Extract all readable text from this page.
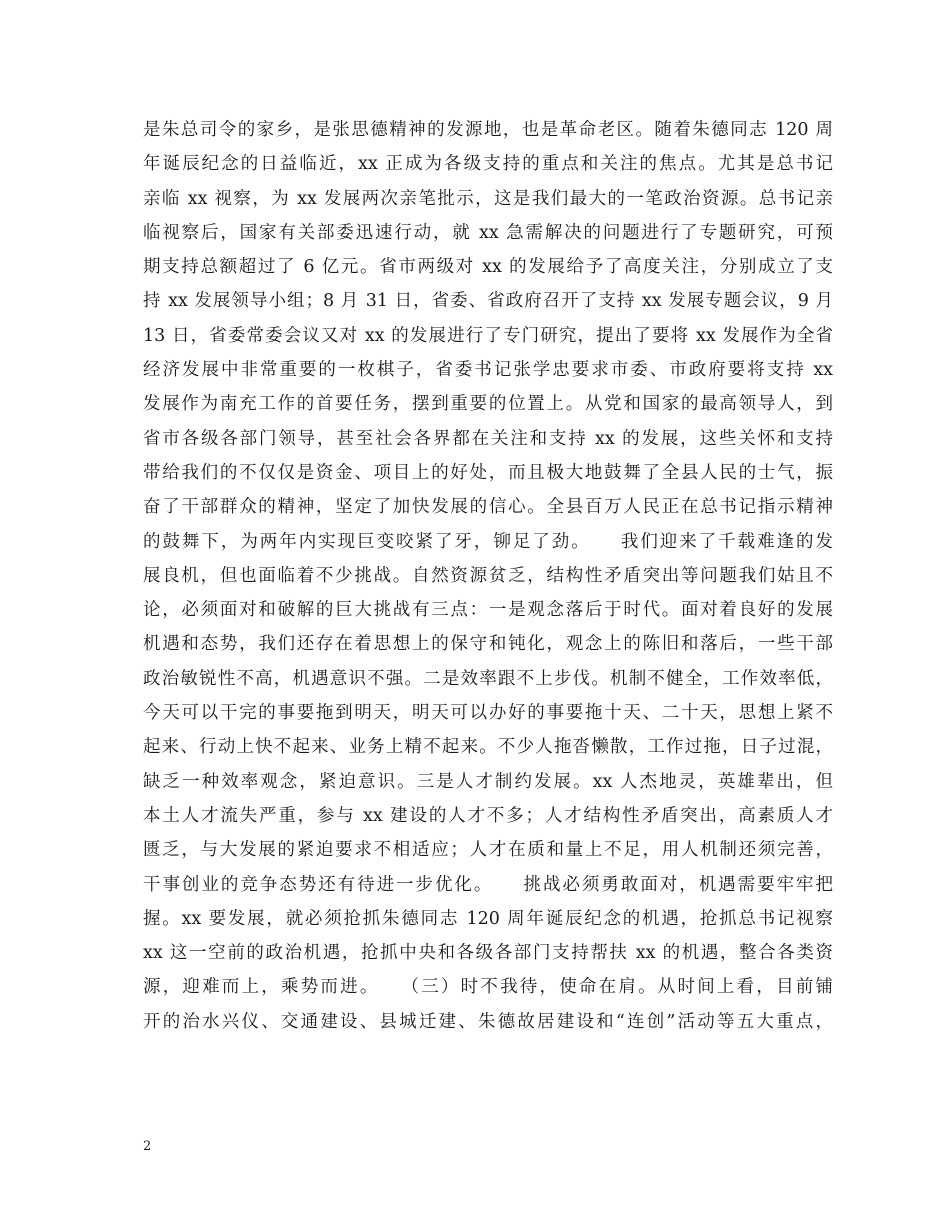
是朱总司令的家乡，是张思德精神的发源地，也是革命老区。随着朱德同志 120 周
年诞辰纪念的日益临近，xx 正成为各级支持的重点和关注的焦点。尤其是总书记
亲临 xx 视察，为 xx 发展两次亲笔批示，这是我们最大的一笔政治资源。总书记亲
临视察后，国家有关部委迅速行动，就 xx 急需解决的问题进行了专题研究，可预
期支持总额超过了 6 亿元。省市两级对 xx 的发展给予了高度关注，分别成立了支
持 xx 发展领导小组；8 月 31 日，省委、省政府召开了支持 xx 发展专题会议，9 月
13 日，省委常委会议又对 xx 的发展进行了专门研究，提出了要将 xx 发展作为全省
经济发展中非常重要的一枚棋子，省委书记张学忠要求市委、市政府要将支持 xx
发展作为南充工作的首要任务，摆到重要的位置上。从党和国家的最高领导人，到
省市各级各部门领导，甚至社会各界都在关注和支持 xx 的发展，这些关怀和支持
带给我们的不仅仅是资金、项目上的好处，而且极大地鼓舞了全县人民的士气，振
奋了干部群众的精神，坚定了加快发展的信心。全县百万人民正在总书记指示精神
的鼓舞下，为两年内实现巨变咬紧了牙，铆足了劲。　　我们迎来了千载难逢的发
展良机，但也面临着不少挑战。自然资源贫乏，结构性矛盾突出等问题我们姑且不
论，必须面对和破解的巨大挑战有三点：一是观念落后于时代。面对着良好的发展
机遇和态势，我们还存在着思想上的保守和钝化，观念上的陈旧和落后，一些干部
政治敏锐性不高，机遇意识不强。二是效率跟不上步伐。机制不健全，工作效率低，
今天可以干完的事要拖到明天，明天可以办好的事要拖十天、二十天，思想上紧不
起来、行动上快不起来、业务上精不起来。不少人拖沓懒散，工作过拖，日子过混，
缺乏一种效率观念，紧迫意识。三是人才制约发展。xx 人杰地灵，英雄辈出，但
本土人才流失严重，参与 xx 建设的人才不多；人才结构性矛盾突出，高素质人才
匮乏，与大发展的紧迫要求不相适应；人才在质和量上不足，用人机制还须完善，
干事创业的竞争态势还有待进一步优化。　　挑战必须勇敢面对，机遇需要牢牢把
握。xx 要发展，就必须抢抓朱德同志 120 周年诞辰纪念的机遇，抢抓总书记视察
xx 这一空前的政治机遇，抢抓中央和各级各部门支持帮扶 xx 的机遇，整合各类资
源，迎难而上，乘势而进。　　（三）时不我待，使命在肩。从时间上看，目前铺
开的治水兴仪、交通建设、县城迁建、朱德故居建设和“连创”活动等五大重点，
2
